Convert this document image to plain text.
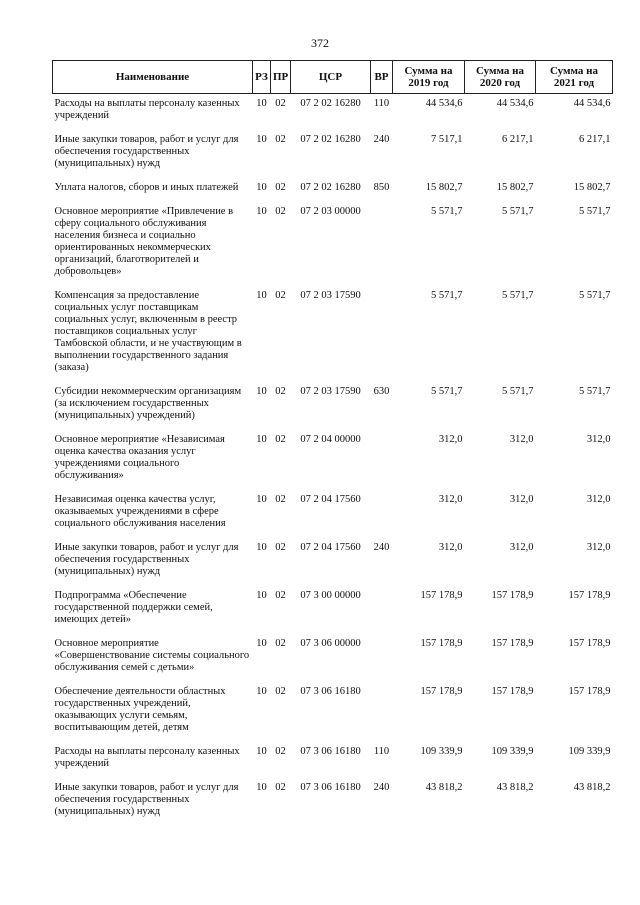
372
Наименование	РЗ	ПР	ЦСР	ВР	Сумма на 2019 год	Сумма на 2020 год	Сумма на 2021 год
Расходы на выплаты персоналу казенных учреждений	10	02	07 2 02 16280	110	44 534,6	44 534,6	44 534,6
Иные закупки товаров, работ и услуг для обеспечения государственных (муниципальных) нужд	10	02	07 2 02 16280	240	7 517,1	6 217,1	6 217,1
Уплата налогов, сборов и иных платежей	10	02	07 2 02 16280	850	15 802,7	15 802,7	15 802,7
Основное мероприятие «Привлечение в сферу социального обслуживания населения бизнеса и социально ориентированных некоммерческих организаций, благотворителей и добровольцев»	10	02	07 2 03 00000		5 571,7	5 571,7	5 571,7
Компенсация за предоставление социальных услуг поставщикам социальных услуг, включенным в реестр поставщиков социальных услуг Тамбовской области, и не участвующим в выполнении государственного задания (заказа)	10	02	07 2 03 17590		5 571,7	5 571,7	5 571,7
Субсидии некоммерческим организациям (за исключением государственных (муниципальных) учреждений)	10	02	07 2 03 17590	630	5 571,7	5 571,7	5 571,7
Основное мероприятие «Независимая оценка качества оказания услуг учреждениями социального обслуживания»	10	02	07 2 04 00000		312,0	312,0	312,0
Независимая оценка качества услуг, оказываемых учреждениями в сфере социального обслуживания населения	10	02	07 2 04 17560		312,0	312,0	312,0
Иные закупки товаров, работ и услуг для обеспечения государственных (муниципальных) нужд	10	02	07 2 04 17560	240	312,0	312,0	312,0
Подпрограмма «Обеспечение государственной поддержки семей, имеющих детей»	10	02	07 3 00 00000		157 178,9	157 178,9	157 178,9
Основное мероприятие «Совершенствование системы социального обслуживания семей с детьми»	10	02	07 3 06 00000		157 178,9	157 178,9	157 178,9
Обеспечение деятельности областных государственных учреждений, оказывающих услуги семьям, воспитывающим детей, детям	10	02	07 3 06 16180		157 178,9	157 178,9	157 178,9
Расходы на выплаты персоналу казенных учреждений	10	02	07 3 06 16180	110	109 339,9	109 339,9	109 339,9
Иные закупки товаров, работ и услуг для обеспечения государственных (муниципальных) нужд	10	02	07 3 06 16180	240	43 818,2	43 818,2	43 818,2
